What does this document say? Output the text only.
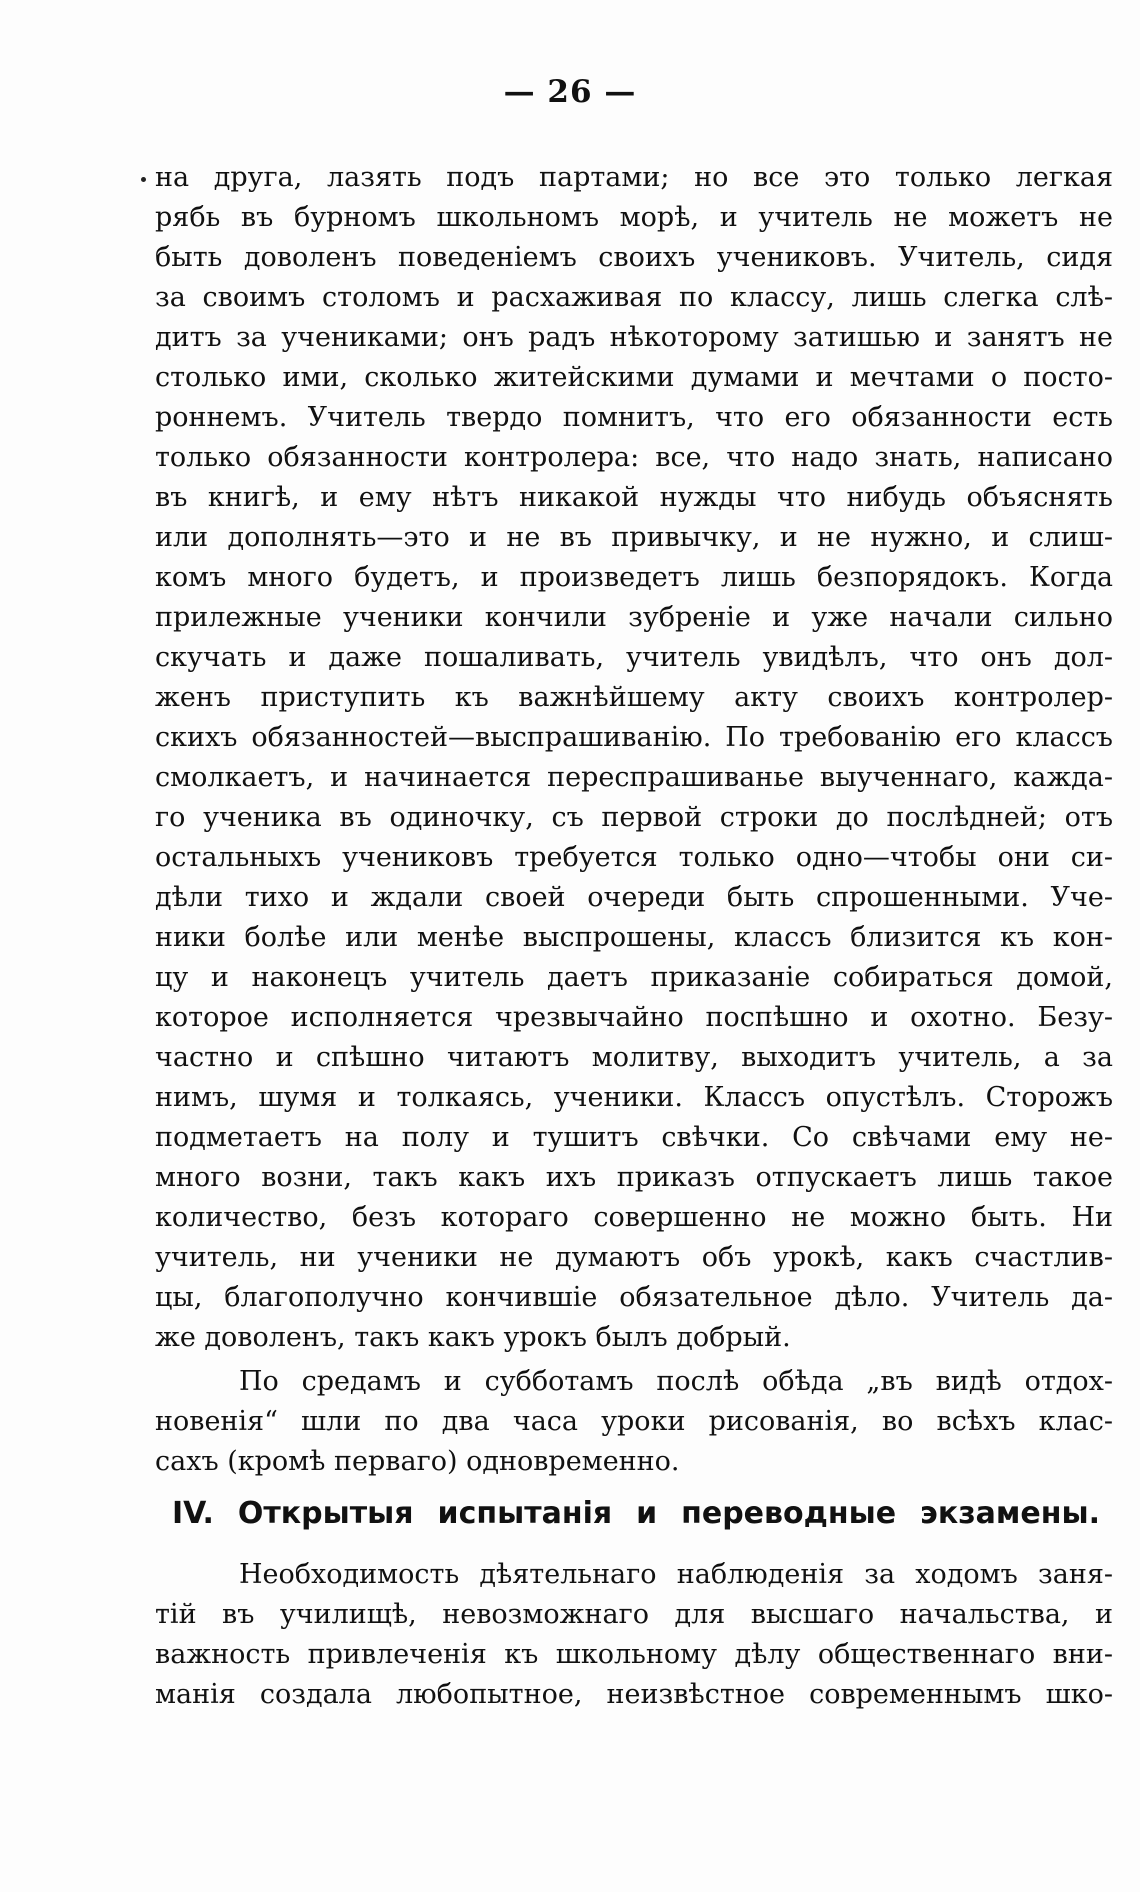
— 26 —
на друга, лазять подъ партами; но все это только легкая
рябь въ бурномъ школьномъ морѣ, и учитель не можетъ не
быть доволенъ поведеніемъ своихъ учениковъ. Учитель, сидя
за своимъ столомъ и расхаживая по классу, лишь слегка слѣ-
дитъ за учениками; онъ радъ нѣкоторому затишью и занятъ не
столько ими, сколько житейскими думами и мечтами о посто-
роннемъ. Учитель твердо помнитъ, что его обязанности есть
только обязанности контролера: все, что надо знать, написано
въ книгѣ, и ему нѣтъ никакой нужды что нибудь объяснять
или дополнять—это и не въ привычку, и не нужно, и слиш-
комъ много будетъ, и произведетъ лишь безпорядокъ. Когда
прилежные ученики кончили зубреніе и уже начали сильно
скучать и даже пошаливать, учитель увидѣлъ, что онъ дол-
женъ приступить къ важнѣйшему акту своихъ контролер-
скихъ обязанностей—выспрашиванію. По требованію его классъ
смолкаетъ, и начинается переспрашиванье выученнаго, кажда-
го ученика въ одиночку, съ первой строки до послѣдней; отъ
остальныхъ учениковъ требуется только одно—чтобы они си-
дѣли тихо и ждали своей очереди быть спрошенными. Уче-
ники болѣе или менѣе выспрошены, классъ близится къ кон-
цу и наконецъ учитель даетъ приказаніе собираться домой,
которое исполняется чрезвычайно поспѣшно и охотно. Безу-
частно и спѣшно читаютъ молитву, выходитъ учитель, а за
нимъ, шумя и толкаясь, ученики. Классъ опустѣлъ. Сторожъ
подметаетъ на полу и тушитъ свѣчки. Со свѣчами ему не-
много возни, такъ какъ ихъ приказъ отпускаетъ лишь такое
количество, безъ котораго совершенно не можно быть. Ни
учитель, ни ученики не думаютъ объ урокѣ, какъ счастлив-
цы, благополучно кончившіе обязательное дѣло. Учитель да-
же доволенъ, такъ какъ урокъ былъ добрый.
По средамъ и субботамъ послѣ обѣда „въ видѣ отдох-
новенія“ шли по два часа уроки рисованія, во всѣхъ клас-
сахъ (кромѣ перваго) одновременно.
IV. Открытыя испытанія и переводные экзамены.
Необходимость дѣятельнаго наблюденія за ходомъ заня-
тій въ училищѣ, невозможнаго для высшаго начальства, и
важность привлеченія къ школьному дѣлу общественнаго вни-
манія создала любопытное, неизвѣстное современнымъ шко-
